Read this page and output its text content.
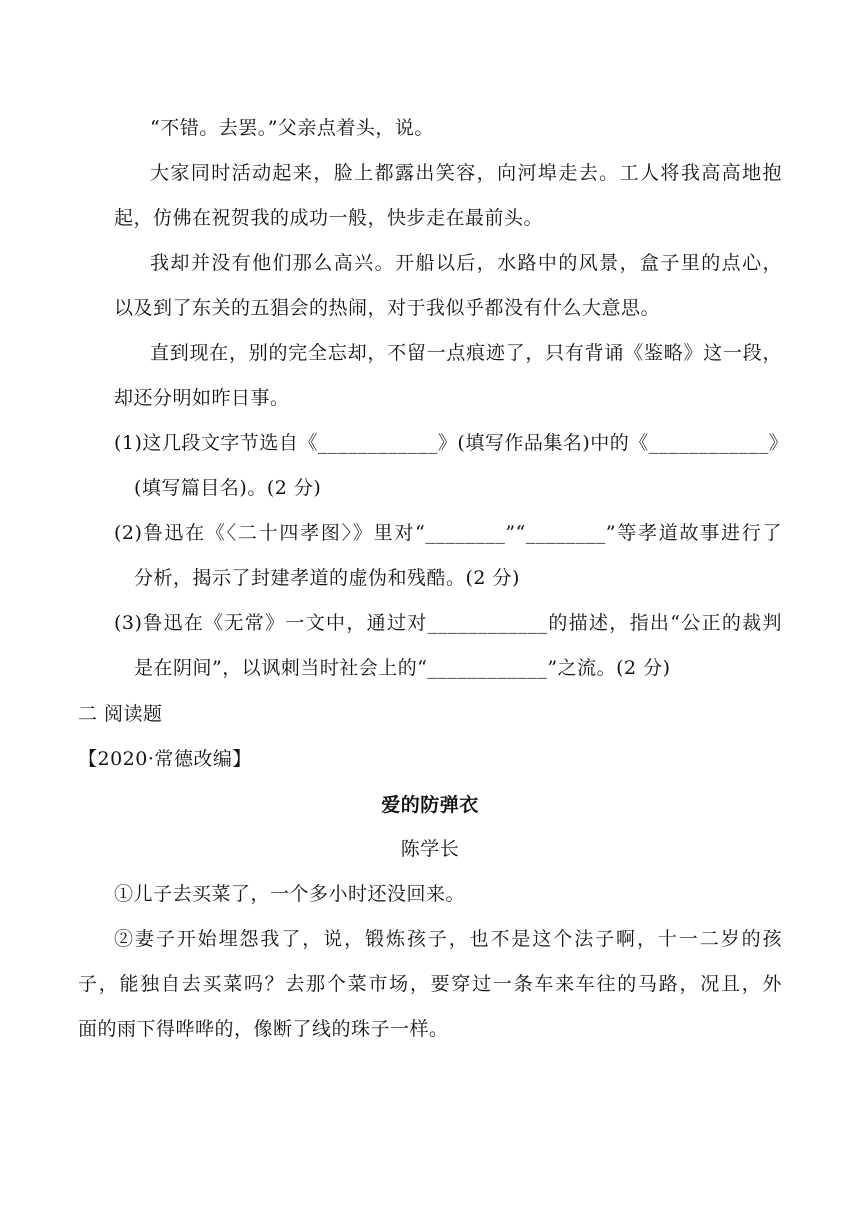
“不错。去罢。”父亲点着头，说。
大家同时活动起来，脸上都露出笑容，向河埠走去。工人将我高高地抱
起，仿佛在祝贺我的成功一般，快步走在最前头。
我却并没有他们那么高兴。开船以后，水路中的风景，盒子里的点心，
以及到了东关的五猖会的热闹，对于我似乎都没有什么大意思。
直到现在，别的完全忘却，不留一点痕迹了，只有背诵《鉴略》这一段，
却还分明如昨日事。
(1)这几段文字节选自《____________》(填写作品集名)中的《____________》
(填写篇目名)。(2 分)
(2)鲁迅在《〈二十四孝图〉》里对“________”“________”等孝道故事进行了
分析，揭示了封建孝道的虚伪和残酷。(2 分)
(3)鲁迅在《无常》一文中，通过对____________的描述，指出“公正的裁判
是在阴间”，以讽刺当时社会上的“____________”之流。(2 分)
二 阅读题
【2020·常德改编】
爱的防弹衣
陈学长
①儿子去买菜了，一个多小时还没回来。
②妻子开始埋怨我了，说，锻炼孩子，也不是这个法子啊，十一二岁的孩
子，能独自去买菜吗？去那个菜市场，要穿过一条车来车往的马路，况且，外
面的雨下得哗哗的，像断了线的珠子一样。
